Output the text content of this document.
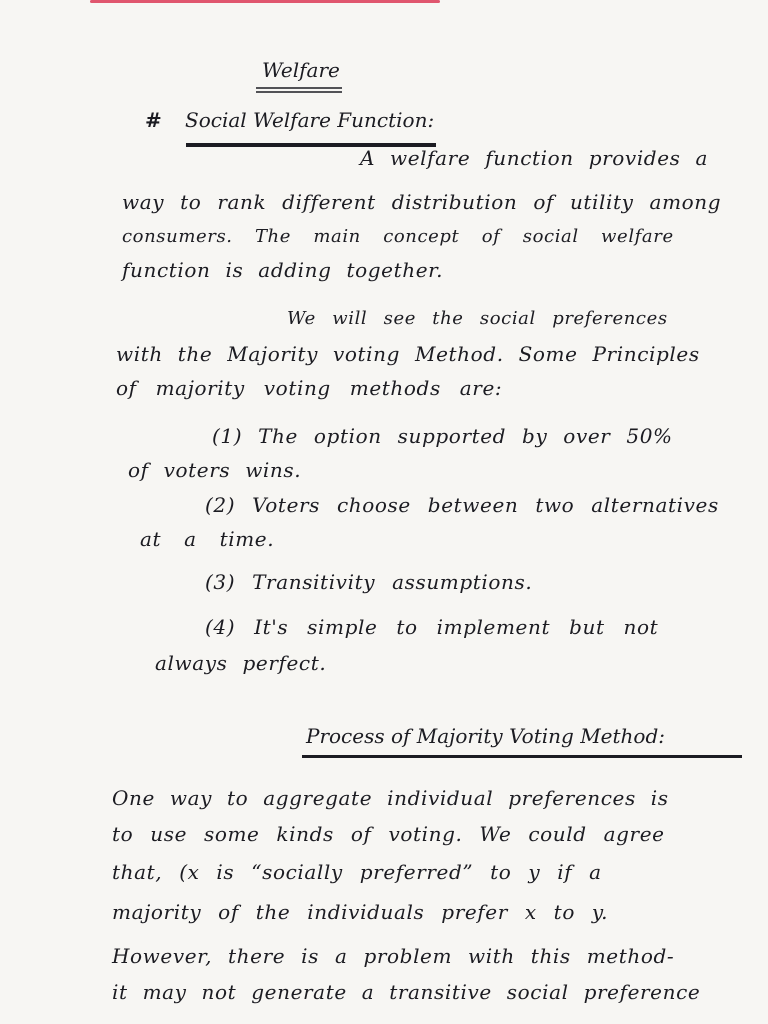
Welfare
# Social Welfare Function:
A welfare function provides a
way to rank different distribution of utility among
consumers. The main concept of social welfare
function is adding together.
We will see the social preferences
with the Majority voting Method. Some Principles
of majority voting methods are:
(1) The option supported by over 50%
of voters wins.
(2) Voters choose between two alternatives
at a time.
(3) Transitivity assumptions.
(4) It's simple to implement but not
always perfect.
Process of Majority Voting Method:
One way to aggregate individual preferences is
to use some kinds of voting. We could agree
that, (x is “socially preferred” to y if a
majority of the individuals prefer x to y.
However, there is a problem with this method-
it may not generate a transitive social preference
